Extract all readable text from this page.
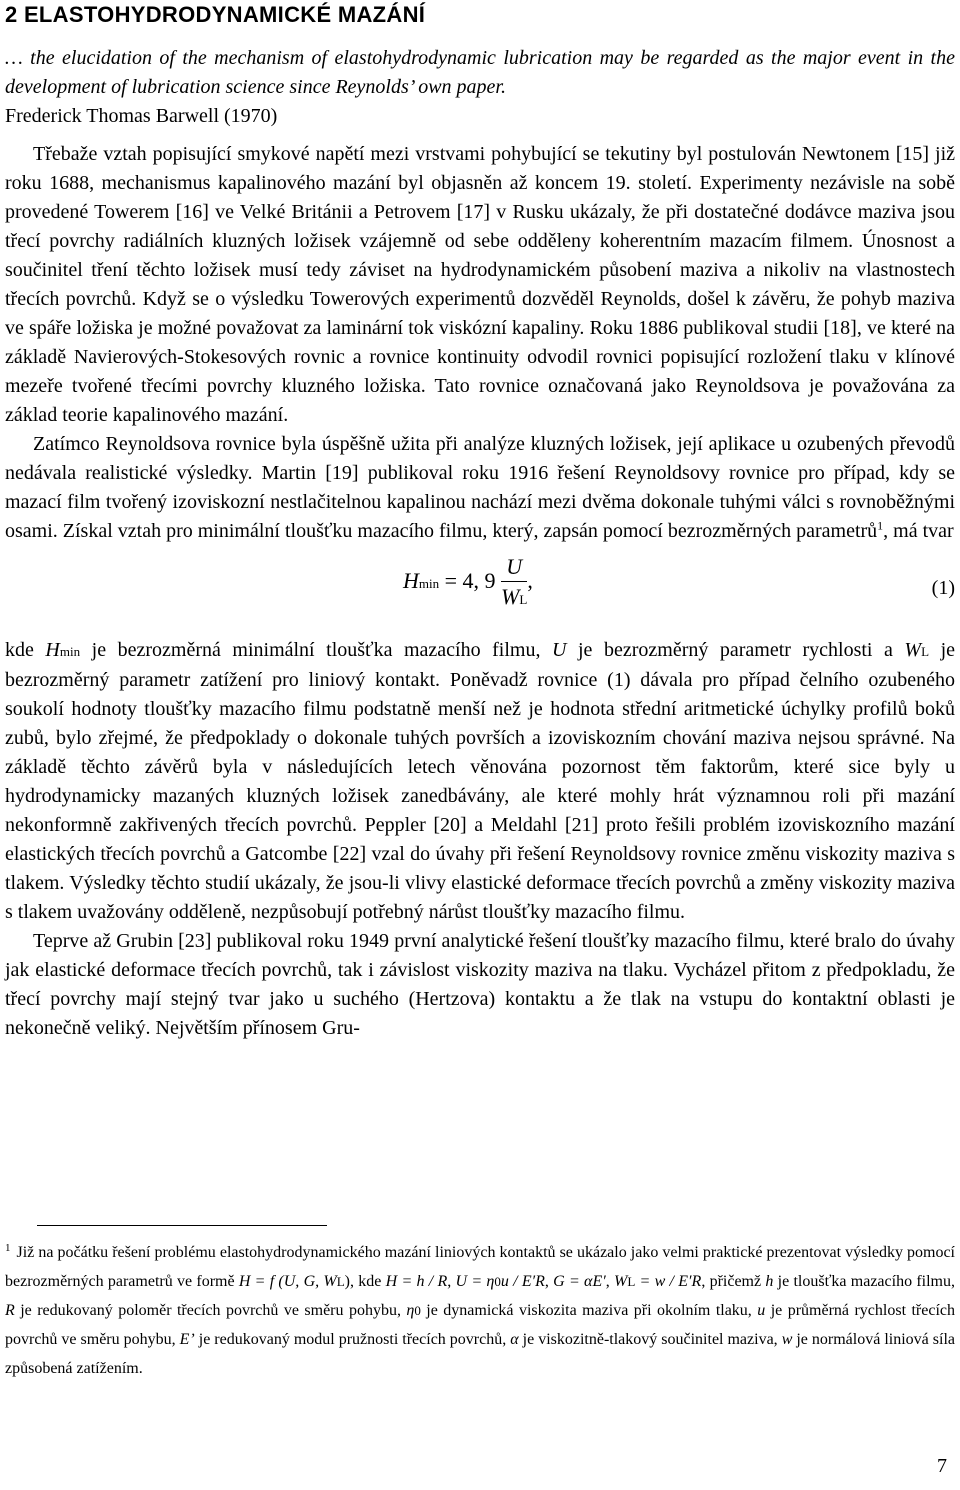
2 ELASTOHYDRODYNAMICKÉ MAZÁNÍ
… the elucidation of the mechanism of elastohydrodynamic lubrication may be regarded as the major event in the development of lubrication science since Reynolds’ own paper.
Frederick Thomas Barwell (1970)

Třebaže vztah popisující smykové napětí mezi vrstvami pohybující se tekutiny byl postulován Newtonem [15] již roku 1688, mechanismus kapalinového mazání byl objasněn až koncem 19. století. Experimenty nezávisle na sobě provedené Towerem [16] ve Velké Británii a Petrovem [17] v Rusku ukázaly, že při dostatečné dodávce maziva jsou třecí povrchy radiálních kluzných ložisek vzájemně od sebe odděleny koherentním mazacím filmem. Únosnost a součinitel tření těchto ložisek musí tedy záviset na hydrodynamickém působení maziva a nikoliv na vlastnostech třecích povrchů. Když se o výsledku Towerových experimentů dozvěděl Reynolds, došel k závěru, že pohyb maziva ve spáře ložiska je možné považovat za laminární tok viskózní kapaliny. Roku 1886 publikoval studii [18], ve které na základě Navierových-Stokesových rovnic a rovnice kontinuity odvodil rovnici popisující rozložení tlaku v klínové mezeře tvořené třecími povrchy kluzného ložiska. Tato rovnice označovaná jako Reynoldsova je považována za základ teorie kapalinového mazání.

Zatímco Reynoldsova rovnice byla úspěšně užita při analýze kluzných ložisek, její aplikace u ozubených převodů nedávala realistické výsledky. Martin [19] publikoval roku 1916 řešení Reynoldsovy rovnice pro případ, kdy se mazací film tvořený izoviskozní nestlačitelnou kapalinou nachází mezi dvěma dokonale tuhými válci s rovnoběžnými osami. Získal vztah pro minimální tloušťku mazacího filmu, který, zapsán pomocí bezrozměrných parametrů$^1$, má tvar

Hmin = 4, $9 \frac{U}{WL}$ ,	(1)

kde Hmin je bezrozměrná minimální tloušťka mazacího filmu, U je bezrozměrný parametr rychlosti a WL je bezrozměrný parametr zatížení pro liniový kontakt. Poněvadž rovnice (1) dávala pro případ čelního ozubeného soukolí hodnoty tloušťky mazacího filmu podstatně menší než je hodnota střední aritmetické úchylky profilů boků zubů, bylo zřejmé, že předpoklady o dokonale tuhých površích a izoviskozním chování maziva nejsou správné. Na základě těchto závěrů byla v následujících letech věnována pozornost těm faktorům, které sice byly u hydrodynamicky mazaných kluzných ložisek zanedbávány, ale které mohly hrát významnou roli při mazání nekonformně zakřivených třecích povrchů. Peppler [20] a Meldahl [21] proto řešili problém izoviskozního mazání elastických třecích povrchů a Gatcombe [22] vzal do úvahy při řešení Reynoldsovy rovnice změnu viskozity maziva s tlakem. Výsledky těchto studií ukázaly, že jsou-li vlivy elastické deformace třecích povrchů a změny viskozity maziva s tlakem uvažovány odděleně, nezpůsobují potřebný nárůst tloušťky mazacího filmu.

Teprve až Grubin [23] publikoval roku 1949 první analytické řešení tloušťky mazacího filmu, které bralo do úvahy jak elastické deformace třecích povrchů, tak i závislost viskozity maziva na tlaku. Vycházel přitom z předpokladu, že třecí povrchy mají stejný tvar jako u suchého (Hertzova) kontaktu a že tlak na vstupu do kontaktní oblasti je nekonečně veliký. Největším přínosem Gru-

$^1$ Již na počátku řešení problému elastohydrodynamického mazání liniových kontaktů se ukázalo jako velmi praktické prezentovat výsledky pomocí bezrozměrných parametrů ve formě H = f (U, G, WL), kde H = h / R, U = η0u / E′R, G = αE′, WL = w / E′R, přičemž h je tloušťka mazacího filmu, R je redukovaný poloměr třecích povrchů ve směru pohybu, η0 je dynamická viskozita maziva při okolním tlaku, u je průměrná rychlost třecích povrchů ve směru pohybu, E’ je redukovaný modul pružnosti třecích povrchů, α je viskozitně-tlakový součinitel maziva, w je normálová liniová síla způsobená zatížením.
7
